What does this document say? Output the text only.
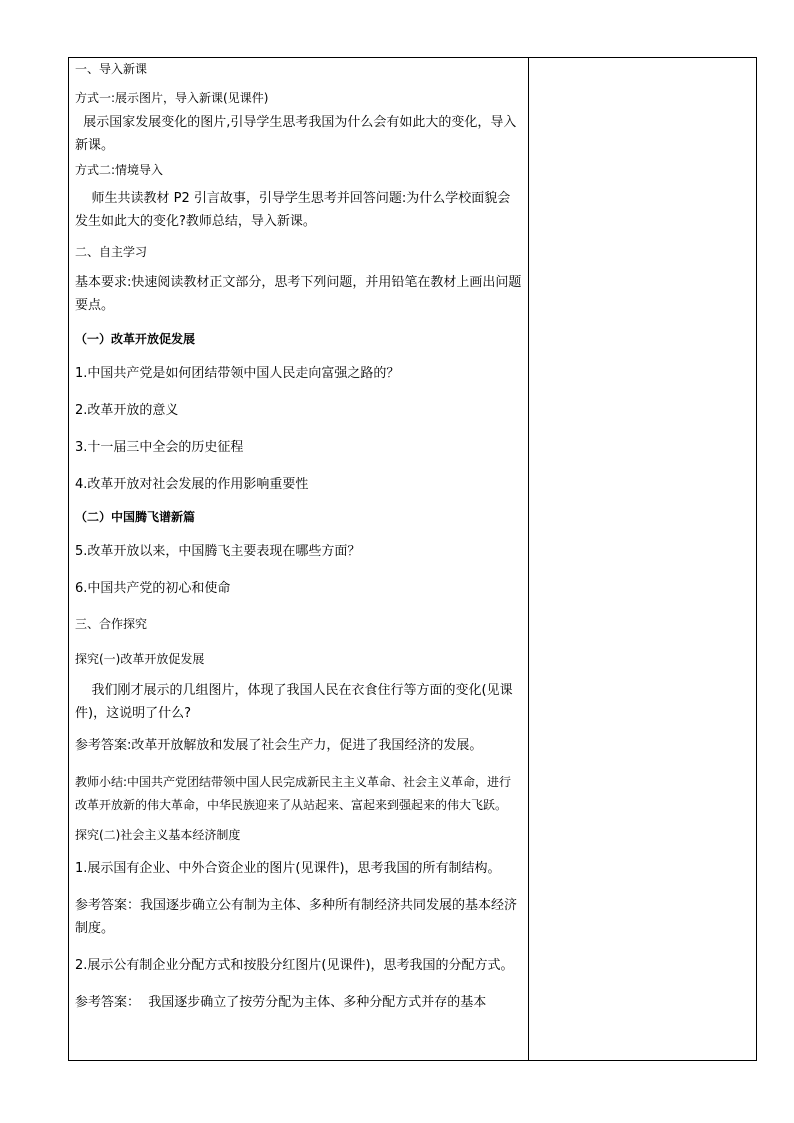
一、导入新课

方式一:展示图片，导入新课(见课件)

展示国家发展变化的图片,引导学生思考我国为什么会有如此大的变化，导入新课。

方式二:情境导入

师生共读教材 P2 引言故事，引导学生思考并回答问题:为什么学校面貌会发生如此大的变化?教师总结，导入新课。

二、自主学习

基本要求:快速阅读教材正文部分，思考下列问题，并用铅笔在教材上画出问题要点。

（一）改革开放促发展

1.中国共产党是如何团结带领中国人民走向富强之路的？

2.改革开放的意义

3.十一届三中全会的历史征程

4.改革开放对社会发展的作用影响重要性

（二）中国腾飞谱新篇

5.改革开放以来，中国腾飞主要表现在哪些方面？

6.中国共产党的初心和使命

三、合作探究

探究(一)改革开放促发展

我们刚才展示的几组图片，体现了我国人民在衣食住行等方面的变化(见课件)，这说明了什么?

参考答案:改革开放解放和发展了社会生产力，促进了我国经济的发展。

教师小结:中国共产党团结带领中国人民完成新民主主义革命、社会主义革命，进行改革开放新的伟大革命，中华民族迎来了从站起来、富起来到强起来的伟大飞跃。

探究(二)社会主义基本经济制度

1.展示国有企业、中外合资企业的图片(见课件)，思考我国的所有制结构。

参考答案：我国逐步确立公有制为主体、多种所有制经济共同发展的基本经济制度。

2.展示公有制企业分配方式和按股分红图片(见课件)，思考我国的分配方式。

参考答案：  我国逐步确立了按劳分配为主体、多种分配方式并存的基本
